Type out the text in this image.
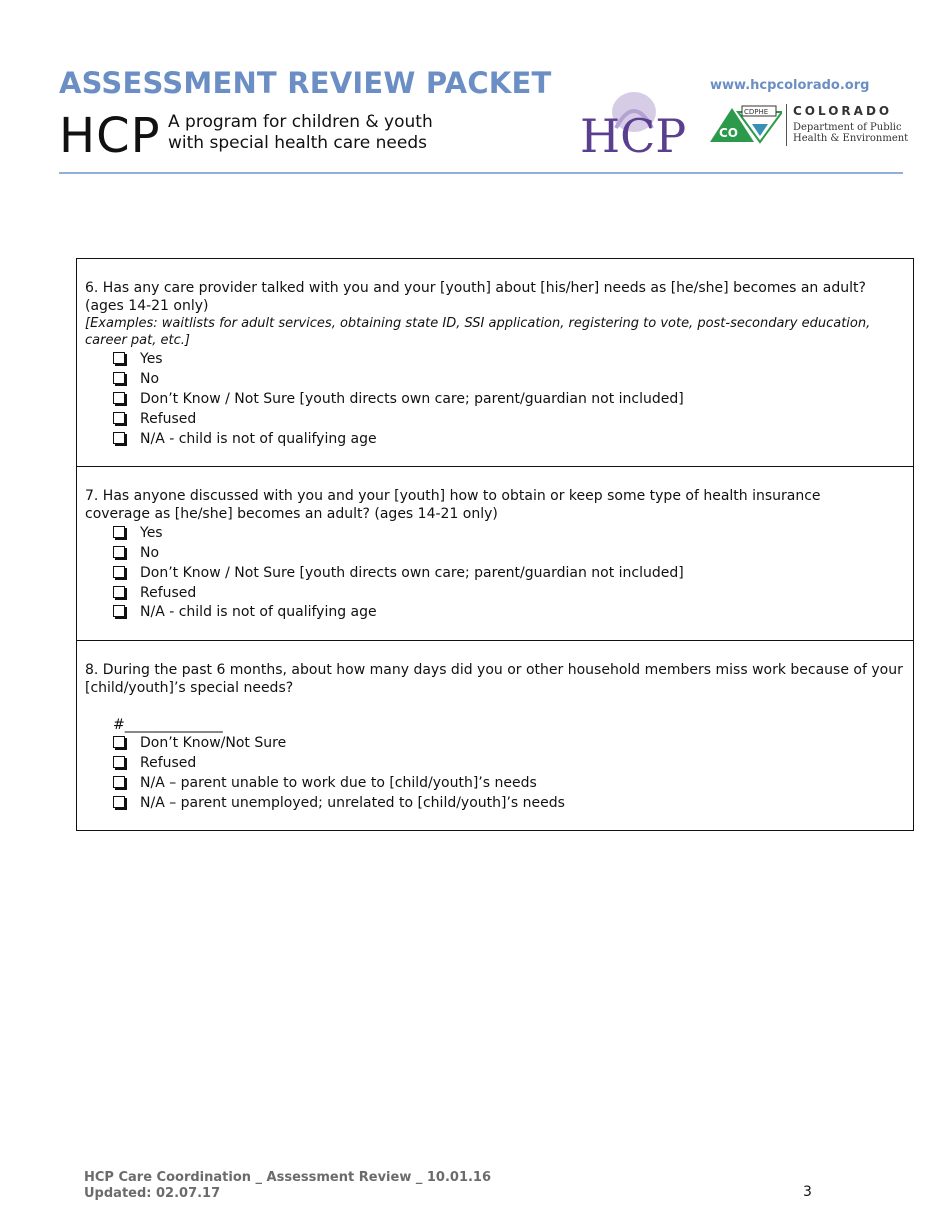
ASSESSMENT REVIEW PACKET
HCP A program for children & youth
with special health care needs
www.hcpcolorado.org
HCP	CO
CDPHE COLORADO
Department of Public
Health & Environment
6. Has any care provider talked with you and your [youth] about [his/her] needs as [he/she] becomes an adult?
(ages 14-21 only)
[Examples: waitlists for adult services, obtaining state ID, SSI application, registering to vote, post-secondary education,
career pat, etc.]
Yes
No
Don’t Know / Not Sure [youth directs own care; parent/guardian not included]
Refused
N/A - child is not of qualifying age
7. Has anyone discussed with you and your [youth] how to obtain or keep some type of health insurance
coverage as [he/she] becomes an adult? (ages 14-21 only)
Yes
No
Don’t Know / Not Sure [youth directs own care; parent/guardian not included]
Refused
N/A - child is not of qualifying age
8. During the past 6 months, about how many days did you or other household members miss work because of your
[child/youth]’s special needs?
#______________
Don’t Know/Not Sure
Refused
N/A – parent unable to work due to [child/youth]’s needs
N/A – parent unemployed; unrelated to [child/youth]’s needs
HCP Care Coordination _ Assessment Review _ 10.01.16
Updated: 02.07.17	3
